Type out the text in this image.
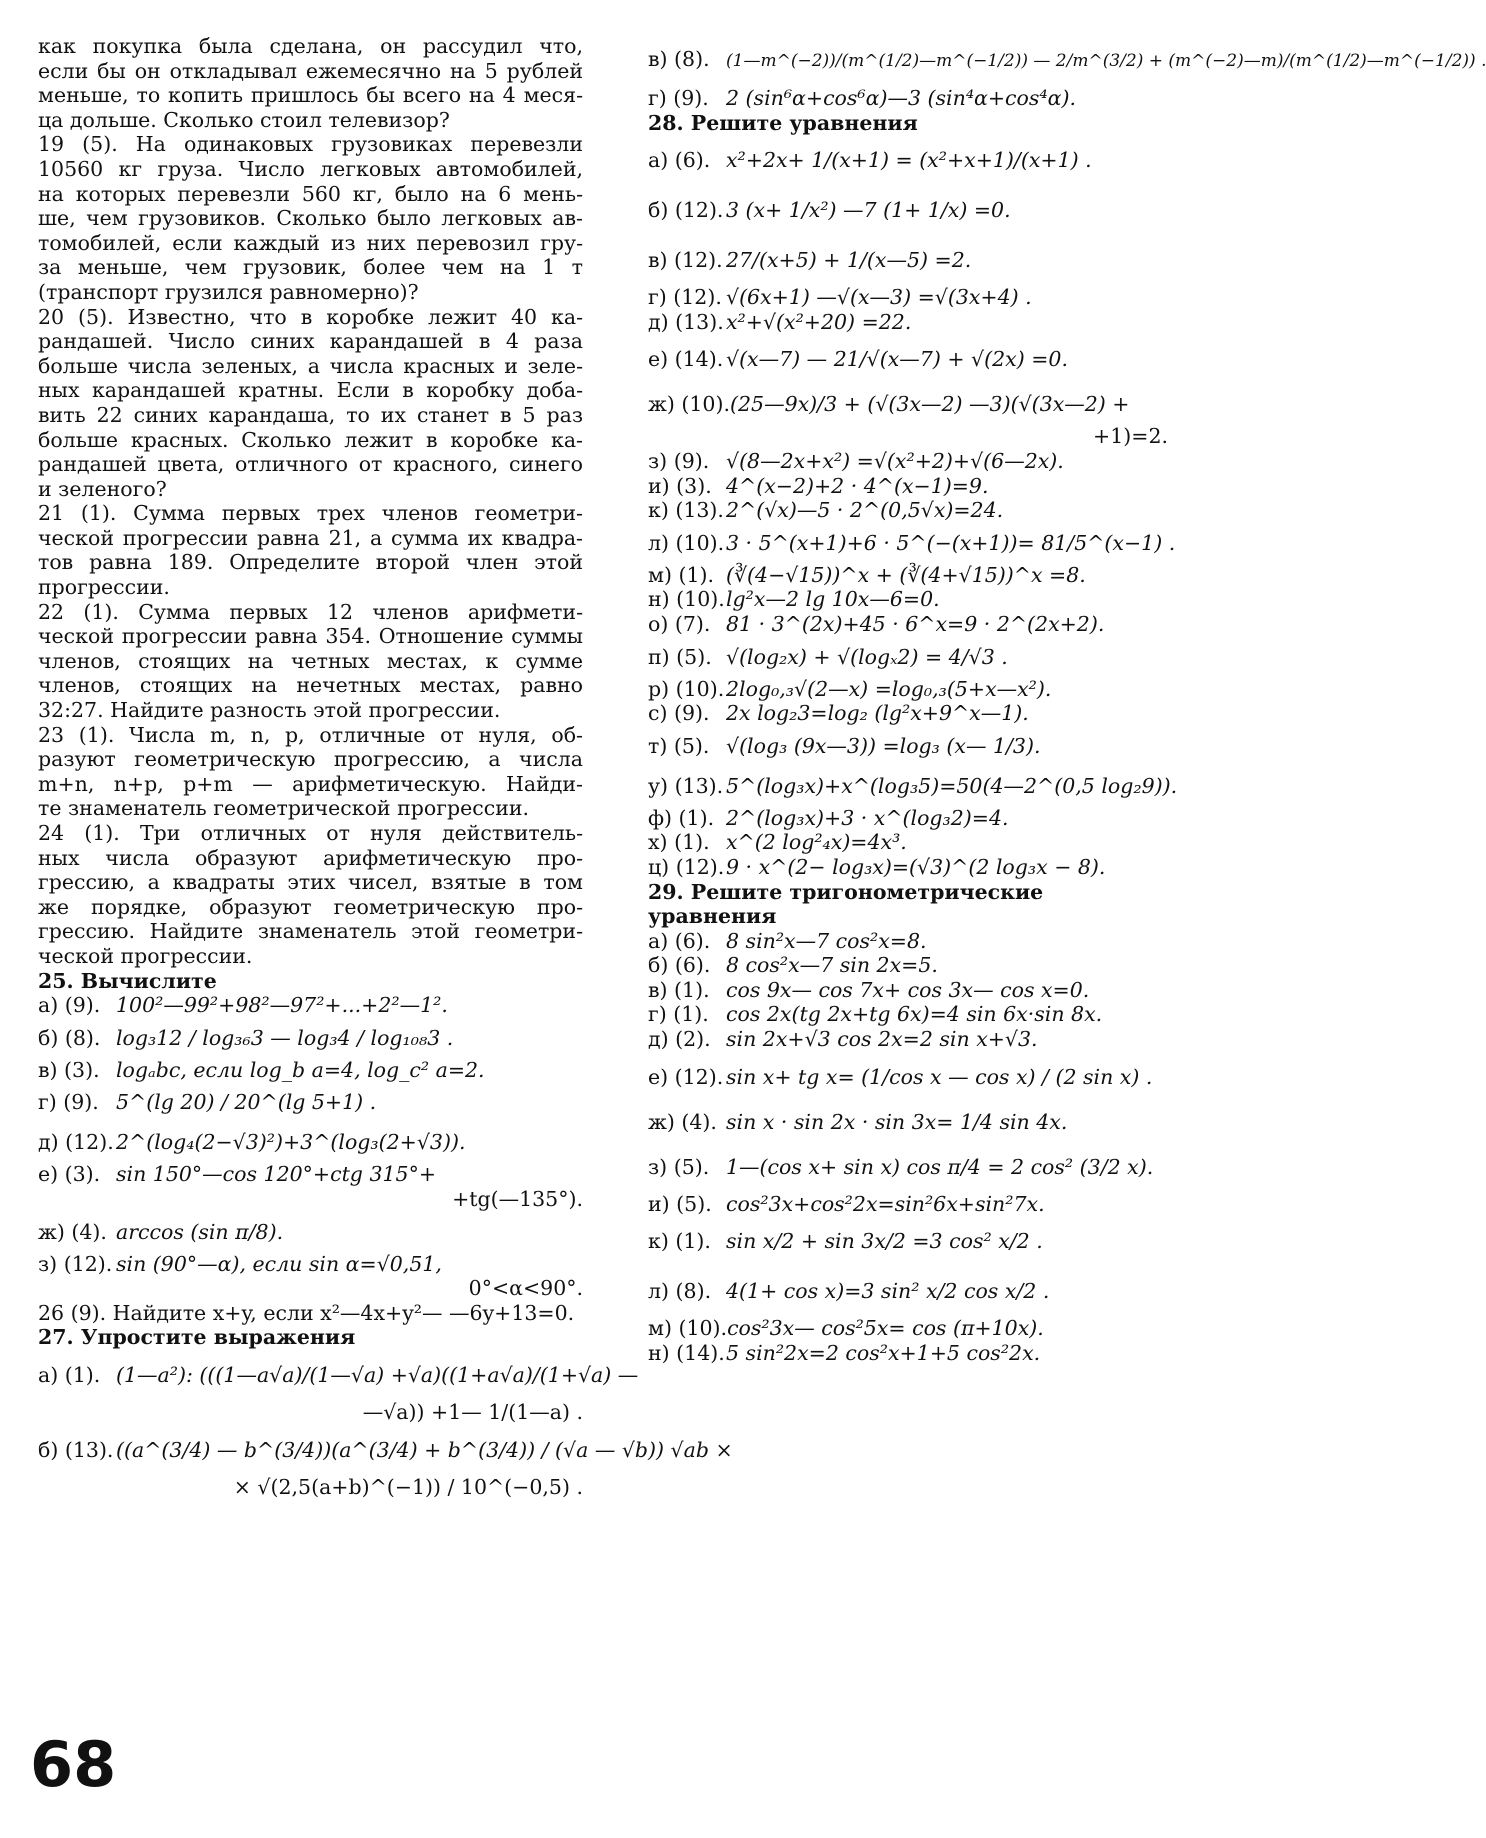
как покупка была сделана, он рассудил что,
если бы он откладывал ежемесячно на 5 рублей
меньше, то копить пришлось бы всего на 4 меся-
ца дольше. Сколько стоил телевизор?
19 (5). На одинаковых грузовиках перевезли
10560 кг груза. Число легковых автомобилей,
на которых перевезли 560 кг, было на 6 мень-
ше, чем грузовиков. Сколько было легковых ав-
томобилей, если каждый из них перевозил гру-
за меньше, чем грузовик, более чем на 1 т
(транспорт грузился равномерно)?
20 (5). Известно, что в коробке лежит 40 ка-
рандашей. Число синих карандашей в 4 раза
больше числа зеленых, а числа красных и зеле-
ных карандашей кратны. Если в коробку доба-
вить 22 синих карандаша, то их станет в 5 раз
больше красных. Сколько лежит в коробке ка-
рандашей цвета, отличного от красного, синего
и зеленого?
21 (1). Сумма первых трех членов геометри-
ческой прогрессии равна 21, а сумма их квадра-
тов равна 189. Определите второй член этой
прогрессии.
22 (1). Сумма первых 12 членов арифмети-
ческой прогрессии равна 354. Отношение суммы
членов, стоящих на четных местах, к сумме
членов, стоящих на нечетных местах, равно
32:27. Найдите разность этой прогрессии.
23 (1). Числа m, n, p, отличные от нуля, об-
разуют геометрическую прогрессию, а числа
m+n, n+p, p+m — арифметическую. Найди-
те знаменатель геометрической прогрессии.
24 (1). Три отличных от нуля действитель-
ных числа образуют арифметическую про-
грессию, а квадраты этих чисел, взятые в том
же порядке, образуют геометрическую про-
грессию. Найдите знаменатель этой геометри-
ческой прогрессии.

25. Вычислите

а) (9). 100²—99²+98²—97²+...+2²—1².

б) (8). log₃12 / log₃₆3 — log₃4 / log₁₀₈3 .

в) (3). logₐbc, если log_b a=4, log_c² a=2.

г) (9). 5^(lg 20) / 20^(lg 5+1) .

д) (12). 2^(log₄(2−√3)²)+3^(log₃(2+√3)).

е) (3). sin 150°—cos 120°+ctg 315°+

+tg(—135°).

ж) (4). arccos (sin π/8).

з) (12). sin (90°—α), если sin α=√0,51,

0°<α<90°.

26 (9). Найдите x+y, если x²—4x+y²— —6y+13=0.

27. Упростите выражения

а) (1). (1—a²): (((1—a√a)/(1—√a) +√a)((1+a√a)/(1+√a) —

—√a)) +1— 1/(1—a) .

б) (13). ((a^(3/4) — b^(3/4))(a^(3/4) + b^(3/4)) / (√a — √b)) √ab ×

× √(2,5(a+b)^(−1)) / 10^(−0,5) .

в) (8). (1—m^(−2))/(m^(1/2)—m^(−1/2)) — 2/m^(3/2) + (m^(−2)—m)/(m^(1/2)—m^(−1/2)) .

г) (9). 2 (sin⁶α+cos⁶α)—3 (sin⁴α+cos⁴α).

28. Решите уравнения

а) (6). x²+2x+ 1/(x+1) = (x²+x+1)/(x+1) .

б) (12). 3 (x+ 1/x²) —7 (1+ 1/x) =0.

в) (12). 27/(x+5) + 1/(x—5) =2.

г) (12). √(6x+1) —√(x—3) =√(3x+4) .

д) (13). x²+√(x²+20) =22.

е) (14). √(x—7) — 21/√(x—7) + √(2x) =0.

ж) (10).(25—9x)/3 + (√(3x—2) —3)(√(3x—2) +

+1)=2.

з) (9). √(8—2x+x²) =√(x²+2)+√(6—2x).

и) (3). 4^(x−2)+2 · 4^(x−1)=9.

к) (13). 2^(√x)—5 · 2^(0,5√x)=24.

л) (10).3 · 5^(x+1)+6 · 5^(−(x+1))= 81/5^(x−1) .

м) (1). (∛(4−√15))^x + (∛(4+√15))^x =8.

н) (10).lg²x—2 lg 10x—6=0.

о) (7). 81 · 3^(2x)+45 · 6^x=9 · 2^(2x+2).

п) (5). √(log₂x) + √(logₓ2) = 4/√3 .

р) (10).2log₀,₃√(2—x) =log₀,₃(5+x—x²).

с) (9). 2x log₂3=log₂ (lg²x+9^x—1).

т) (5). √(log₃ (9x—3)) =log₃ (x— 1/3).

у) (13). 5^(log₃x)+x^(log₃5)=50(4—2^(0,5 log₂9)).

ф) (1). 2^(log₃x)+3 · x^(log₃2)=4.

х) (1). x^(2 log²₄x)=4x³.

ц) (12).9 · x^(2− log₃x)=(√3)^(2 log₃x − 8).

29. Решите тригонометрические уравнения

а) (6). 8 sin²x—7 cos²x=8.

б) (6). 8 cos²x—7 sin 2x=5.

в) (1). cos 9x— cos 7x+ cos 3x— cos x=0.

г) (1). cos 2x(tg 2x+tg 6x)=4 sin 6x·sin 8x.

д) (2). sin 2x+√3 cos 2x=2 sin x+√3.

е) (12). sin x+ tg x= (1/cos x — cos x) / (2 sin x) .

ж) (4). sin x · sin 2x · sin 3x= 1/4 sin 4x.

з) (5). 1—(cos x+ sin x) cos π/4 = 2 cos² (3/2 x).

и) (5). cos²3x+cos²2x=sin²6x+sin²7x.

к) (1). sin x/2 + sin 3x/2 =3 cos² x/2 .

л) (8). 4(1+ cos x)=3 sin² x/2 cos x/2 .

м) (10).cos²3x— cos²5x= cos (π+10x).

н) (14).5 sin²2x=2 cos²x+1+5 cos²2x.

68
